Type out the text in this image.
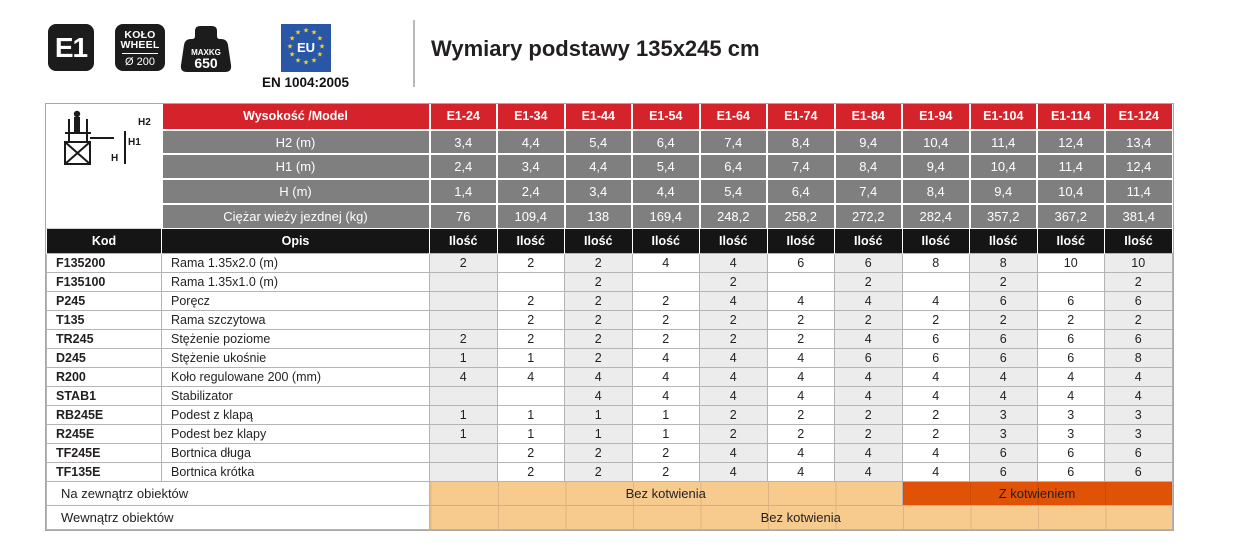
E1	KOŁO
WHEEL
Ø 200
MAXKG
650
★ ★
★
★
★
★
★
★
★
★
★
★
EU
EN 1004:2005
Wymiary podstawy 135x245 cm
H2
H1
H	Wysokość /Model	E1-24	E1-34	E1-44	E1-54	E1-64	E1-74	E1-84	E1-94	E1-104	E1-114	E1-124
	H2 (m)	3,4	4,4	5,4	6,4	7,4	8,4	9,4	10,4	11,4	12,4	13,4
	H1 (m)	2,4	3,4	4,4	5,4	6,4	7,4	8,4	9,4	10,4	11,4	12,4
	H (m)	1,4	2,4	3,4	4,4	5,4	6,4	7,4	8,4	9,4	10,4	11,4
	Ciężar wieży jezdnej (kg)	76	109,4	138	169,4	248,2	258,2	272,2	282,4	357,2	367,2	381,4
Kod	Opis	Ilość	Ilość	Ilość	Ilość	Ilość	Ilość	Ilość	Ilość	Ilość	Ilość	Ilość
F135200	Rama 1.35x2.0 (m)	2	2	2	4	4	6	6	8	8	10	10
F135100	Rama 1.35x1.0 (m)			2		2		2		2		2
P245	Poręcz		2	2	2	4	4	4	4	6	6	6
T135	Rama szczytowa		2	2	2	2	2	2	2	2	2	2
TR245	Stężenie poziome	2	2	2	2	2	2	4	6	6	6	6
D245	Stężenie ukośnie	1	1	2	4	4	4	6	6	6	6	8
R200	Koło regulowane 200 (mm)	4	4	4	4	4	4	4	4	4	4	4
STAB1	Stabilizator			4	4	4	4	4	4	4	4	4
RB245E	Podest z klapą	1	1	1	1	2	2	2	2	3	3	3
R245E	Podest bez klapy	1	1	1	1	2	2	2	2	3	3	3
TF245E	Bortnica długa		2	2	2	4	4	4	4	6	6	6
TF135E	Bortnica krótka		2	2	2	4	4	4	4	6	6	6
Na zewnątrz obiektów		Bez kotwienia							Z kotwieniem			
Wewnątrz obiektów		Bez kotwienia										
